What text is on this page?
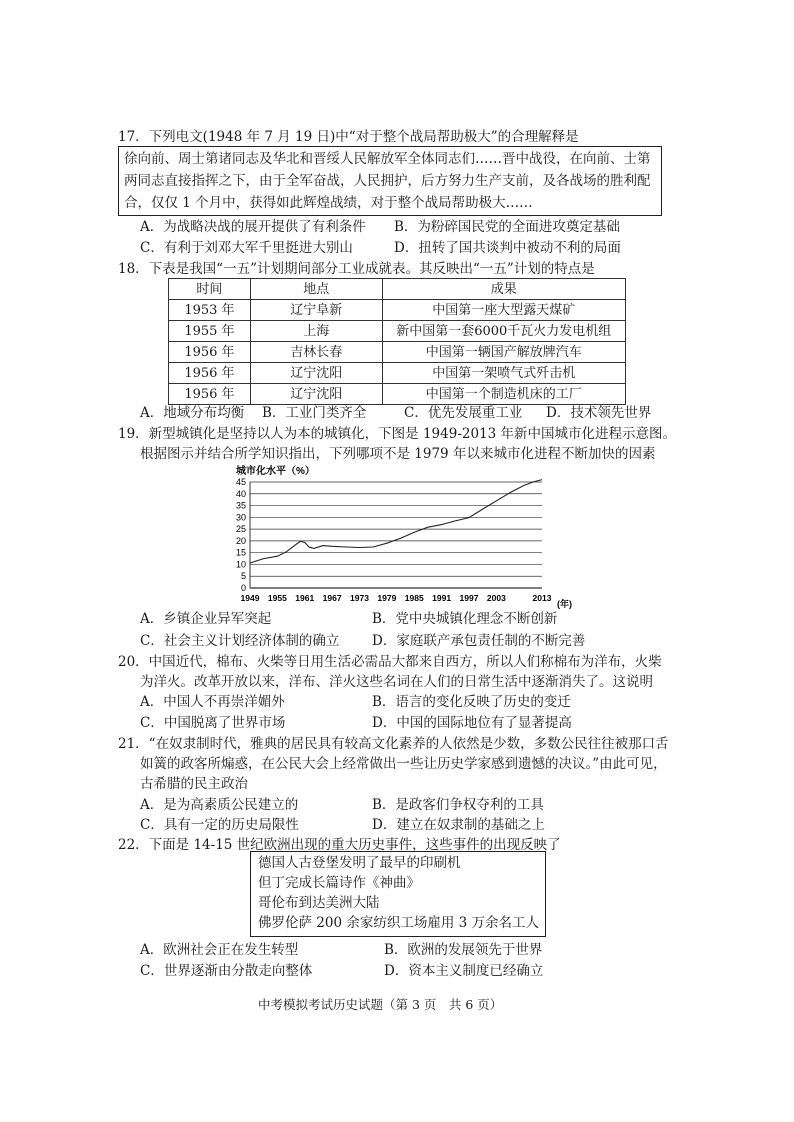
17．下列电文(1948 年 7 月 19 日)中“对于整个战局帮助极大”的合理解释是
徐向前、周士第诸同志及华北和晋绥人民解放军全体同志们……晋中战役，在向前、士第
两同志直接指挥之下，由于全军奋战，人民拥护，后方努力生产支前，及各战场的胜利配
合，仅仅 1 个月中，获得如此辉煌战绩，对于整个战局帮助极大……
A．为战略决战的展开提供了有利条件 B．为粉碎国民党的全面进攻奠定基础
C．有利于刘邓大军千里挺进大别山	D．扭转了国共谈判中被动不利的局面
18．下表是我国“一五”计划期间部分工业成就表。其反映出“一五”计划的特点是
时间	地点	成果
1953 年	辽宁阜新	中国第一座大型露天煤矿
1955 年	上海	新中国第一套6000千瓦火力发电机组
1956 年	吉林长春	中国第一辆国产解放牌汽车
1956 年	辽宁沈阳	中国第一架喷气式歼击机
1956 年	辽宁沈阳	中国第一个制造机床的工厂
A．地域分布均衡 B．工业门类齐全	C．优先发展重工业 D．技术领先世界
19．新型城镇化是坚持以人为本的城镇化，下图是 1949-2013 年新中国城市化进程示意图。
根据图示并结合所学知识指出，下列哪项不是 1979 年以来城市化进程不断加快的因素
城市化水平（%）
0
5
10
15
20
25
30
35
40
45
1949 1955 1961 1967 1973 1979 1985 1991 1997 2003	2013
(年)
A．乡镇企业异军突起	B．党中央城镇化理念不断创新
C．社会主义计划经济体制的确立 D．家庭联产承包责任制的不断完善
20．中国近代，棉布、火柴等日用生活必需品大都来自西方，所以人们称棉布为洋布，火柴
为洋火。改革开放以来，洋布、洋火这些名词在人们的日常生活中逐渐消失了。这说明
A．中国人不再崇洋媚外	B．语言的变化反映了历史的变迁
C．中国脱离了世界市场	D．中国的国际地位有了显著提高
21．“在奴隶制时代，雅典的居民具有较高文化素养的人依然是少数，多数公民往往被那口舌
如簧的政客所煽惑，在公民大会上经常做出一些让历史学家感到遗憾的决议。”由此可见，
古希腊的民主政治
A．是为高素质公民建立的	B．是政客们争权夺利的工具
C．具有一定的历史局限性	D．建立在奴隶制的基础之上
22．下面是 14-15 世纪欧洲出现的重大历史事件，这些事件的出现反映了
德国人古登堡发明了最早的印刷机
但丁完成长篇诗作《神曲》
哥伦布到达美洲大陆
佛罗伦萨 200 余家纺织工场雇用 3 万余名工人
A．欧洲社会正在发生转型	B．欧洲的发展领先于世界
C．世界逐渐由分散走向整体	D．资本主义制度已经确立
中考模拟考试历史试题（第 3 页　共 6 页）
